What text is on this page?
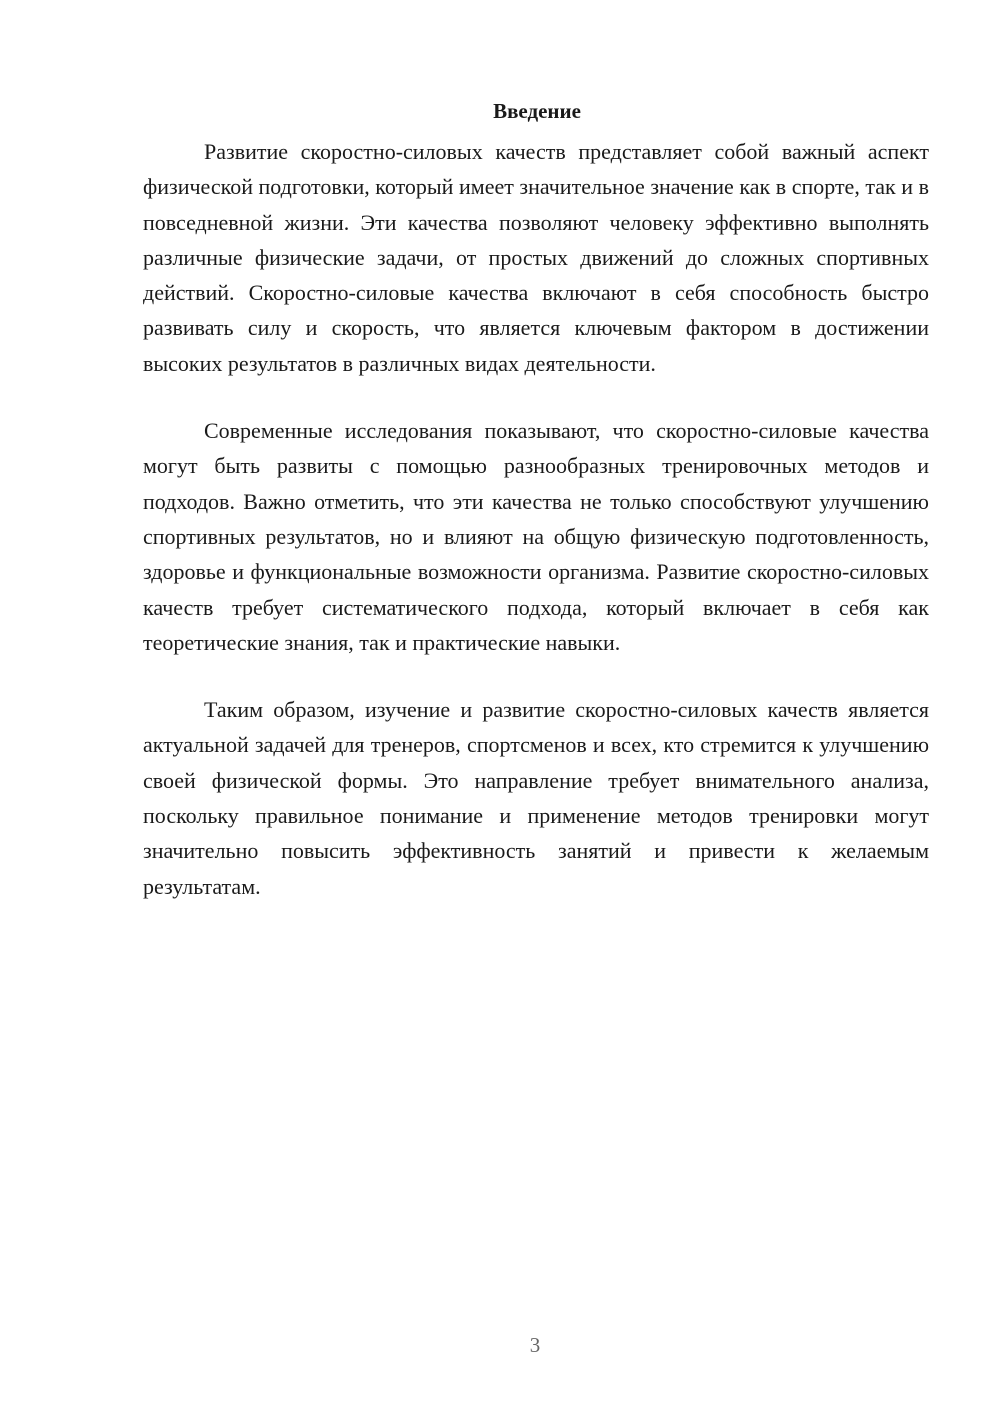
Введение

Развитие скоростно-силовых качеств представляет собой важный аспект физической подготовки, который имеет значительное значение как в спорте, так и в повседневной жизни. Эти качества позволяют человеку эффективно выполнять различные физические задачи, от простых движений до сложных спортивных действий. Скоростно-силовые качества включают в себя способность быстро развивать силу и скорость, что является ключевым фактором в достижении высоких результатов в различных видах деятельности.

Современные исследования показывают, что скоростно-силовые качества могут быть развиты с помощью разнообразных тренировочных методов и подходов. Важно отметить, что эти качества не только способствуют улучшению спортивных результатов, но и влияют на общую физическую подготовленность, здоровье и функциональные возможности организма. Развитие скоростно-силовых качеств требует систематического подхода, который включает в себя как теоретические знания, так и практические навыки.

Таким образом, изучение и развитие скоростно-силовых качеств является актуальной задачей для тренеров, спортсменов и всех, кто стремится к улучшению своей физической формы. Это направление требует внимательного анализа, поскольку правильное понимание и применение методов тренировки могут значительно повысить эффективность занятий и привести к желаемым результатам.

3
